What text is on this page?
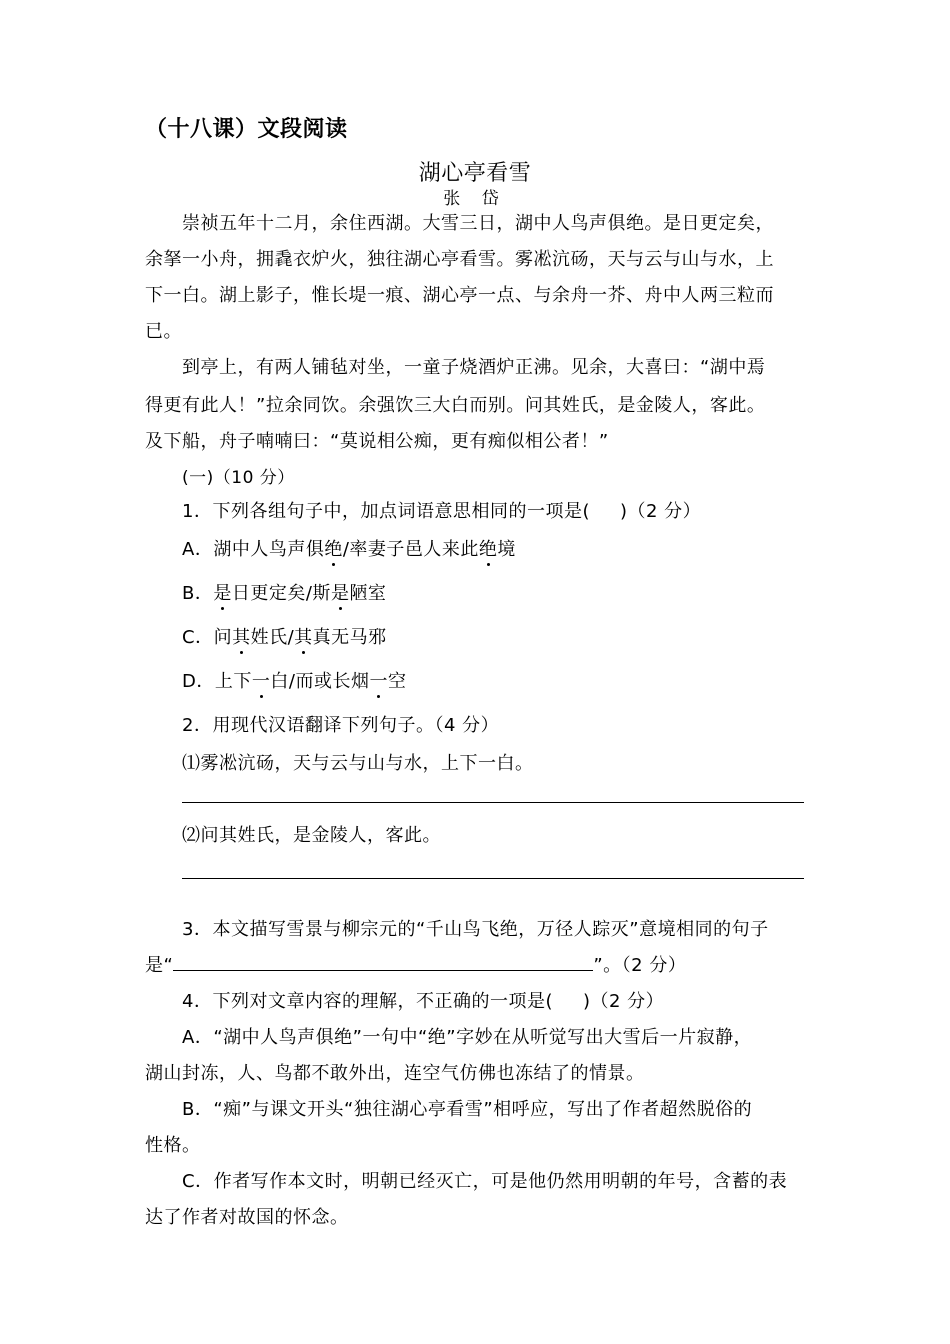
（十八课）文段阅读
湖心亭看雪
张 岱
崇祯五年十二月，余住西湖。大雪三日，湖中人鸟声俱绝。是日更定矣，
余拏一小舟，拥毳衣炉火，独往湖心亭看雪。雾凇沆砀，天与云与山与水，上
下一白。湖上影子，惟长堤一痕、湖心亭一点、与余舟一芥、舟中人两三粒而
已。
到亭上，有两人铺毡对坐，一童子烧酒炉正沸。见余，大喜曰：“湖中焉
得更有此人！”拉余同饮。余强饮三大白而别。问其姓氏，是金陵人，客此。
及下船，舟子喃喃曰：“莫说相公痴，更有痴似相公者！”
(一)（10 分）
1．下列各组句子中，加点词语意思相同的一项是( )（2 分）
A．湖中人鸟声俱绝/率妻子邑人来此绝境
B．是日更定矣/斯是陋室
C．问其姓氏/其真无马邪
D．上下一白/而或长烟一空
2．用现代汉语翻译下列句子。（4 分）
⑴雾凇沆砀，天与云与山与水，上下一白。
⑵问其姓氏，是金陵人，客此。
3．本文描写雪景与柳宗元的“千山鸟飞绝，万径人踪灭”意境相同的句子
是“	”。（2 分）
4．下列对文章内容的理解，不正确的一项是( )（2 分）
A．“湖中人鸟声俱绝”一句中“绝”字妙在从听觉写出大雪后一片寂静，
湖山封冻，人、鸟都不敢外出，连空气仿佛也冻结了的情景。
B．“痴”与课文开头“独往湖心亭看雪”相呼应，写出了作者超然脱俗的
性格。
C．作者写作本文时，明朝已经灭亡，可是他仍然用明朝的年号，含蓄的表
达了作者对故国的怀念。
